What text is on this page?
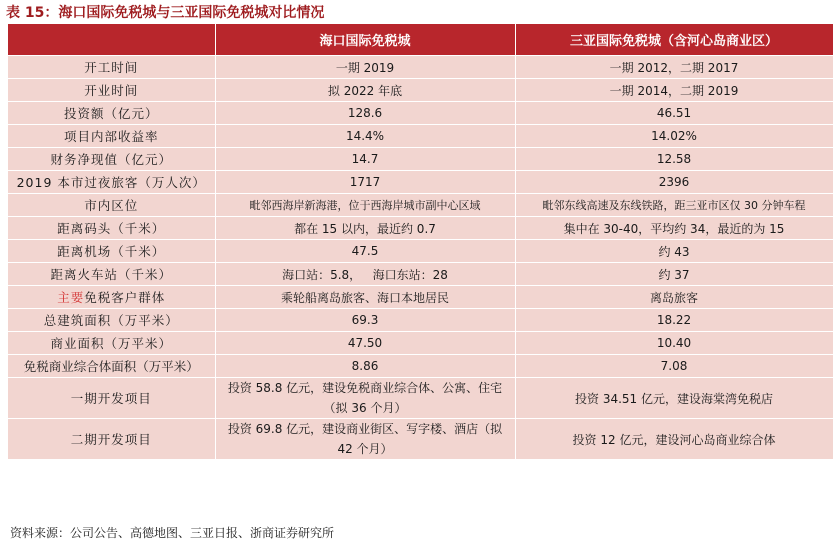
表 15：海口国际免税城与三亚国际免税城对比情况
	海口国际免税城	三亚国际免税城（含河心岛商业区）
开工时间	一期 2019	一期 2012，二期 2017
开业时间	拟 2022 年底	一期 2014，二期 2019
投资额（亿元）	128.6	46.51
项目内部收益率	14.4%	14.02%
财务净现值（亿元）	14.7	12.58
2019 本市过夜旅客（万人次）	1717	2396
市内区位	毗邻西海岸新海港，位于西海岸城市副中心区域	毗邻东线高速及东线铁路，距三亚市区仅 30 分钟车程
距离码头（千米）	都在 15 以内，最近约 0.7	集中在 30-40，平均约 34，最近的为 15
距离机场（千米）	47.5	约 43
距离火车站（千米）	海口站：5.8，   海口东站：28	约 37
主要免税客户群体	乘轮船离岛旅客、海口本地居民	离岛旅客
总建筑面积（万平米）	69.3	18.22
商业面积（万平米）	47.50	10.40
免税商业综合体面积（万平米）	8.86	7.08
一期开发项目	投资 58.8 亿元，建设免税商业综合体、公寓、住宅（拟 36 个月）	投资 34.51 亿元，建设海棠湾免税店
二期开发项目	投资 69.8 亿元，建设商业街区、写字楼、酒店（拟 42 个月）	投资 12 亿元，建设河心岛商业综合体
资料来源：公司公告、高德地图、三亚日报、浙商证券研究所
